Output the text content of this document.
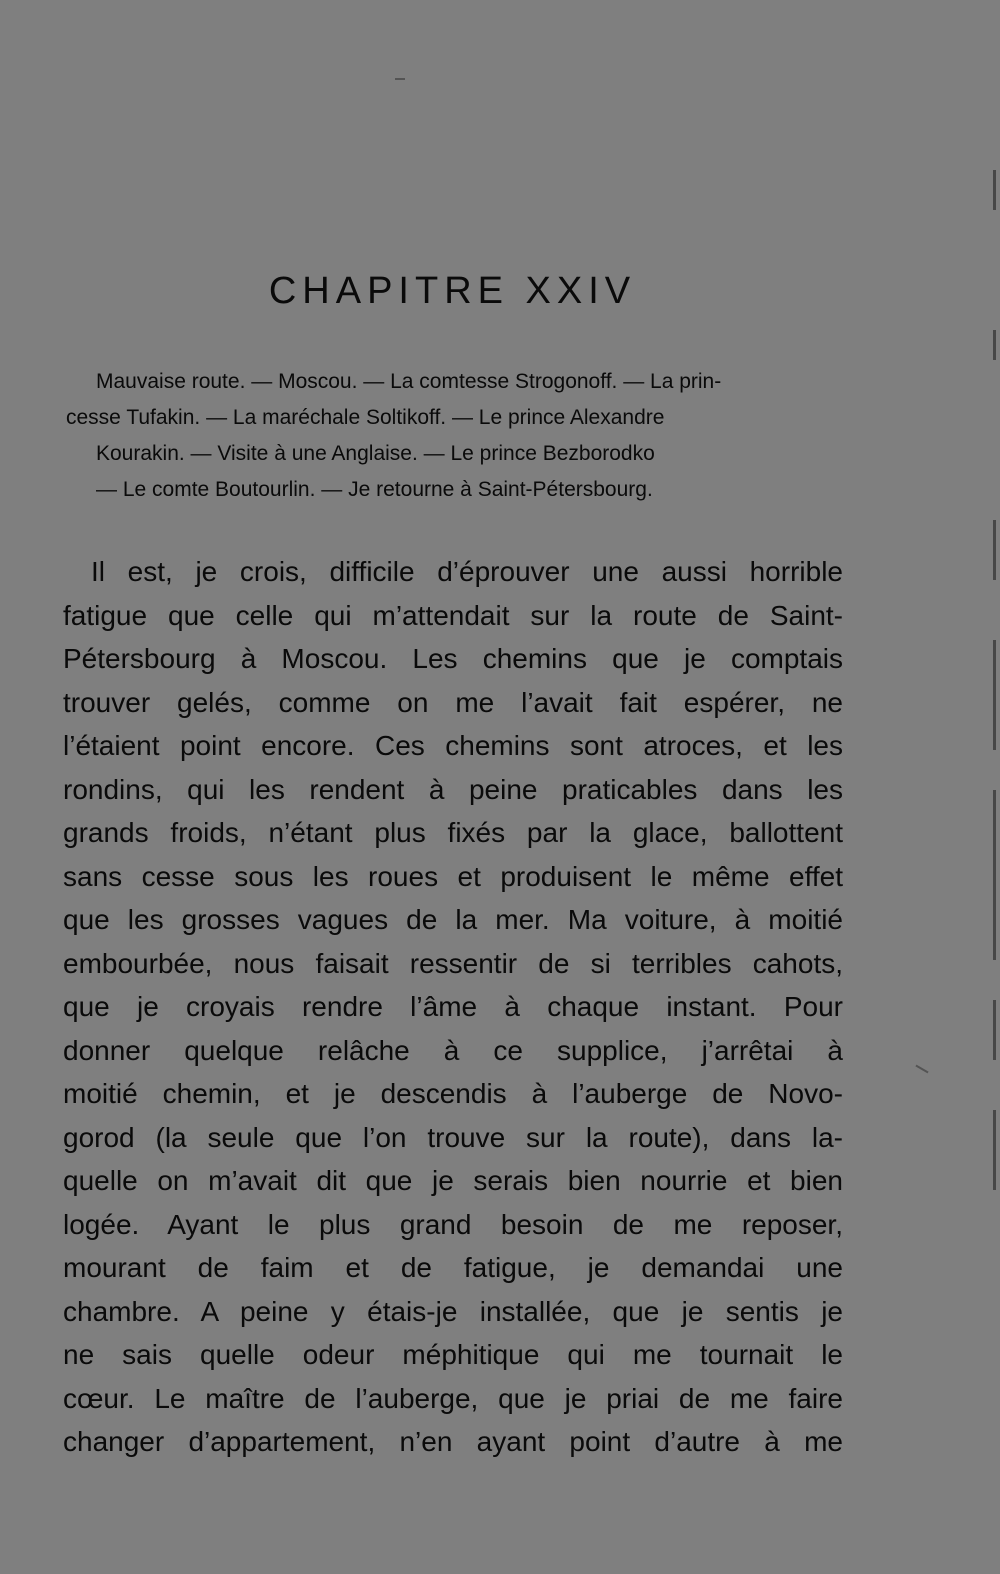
CHAPITRE XXIV
Mauvaise route. — Moscou. — La comtesse Strogonoff. — La prin-
cesse Tufakin. — La maréchale Soltikoff. — Le prince Alexandre
Kourakin. — Visite à une Anglaise. — Le prince Bezborodko
— Le comte Boutourlin. — Je retourne à Saint-Pétersbourg.
Il est, je crois, difficile d’éprouver une aussi horrible
fatigue que celle qui m’attendait sur la route de Saint-
Pétersbourg à Moscou. Les chemins que je comptais
trouver gelés, comme on me l’avait fait espérer, ne
l’étaient point encore. Ces chemins sont atroces, et les
rondins, qui les rendent à peine praticables dans les
grands froids, n’étant plus fixés par la glace, ballottent
sans cesse sous les roues et produisent le même effet
que les grosses vagues de la mer. Ma voiture, à moitié
embourbée, nous faisait ressentir de si terribles cahots,
que je croyais rendre l’âme à chaque instant. Pour
donner quelque relâche à ce supplice, j’arrêtai à
moitié chemin, et je descendis à l’auberge de Novo-
gorod (la seule que l’on trouve sur la route), dans la-
quelle on m’avait dit que je serais bien nourrie et bien
logée. Ayant le plus grand besoin de me reposer,
mourant de faim et de fatigue, je demandai une
chambre. A peine y étais-je installée, que je sentis je
ne sais quelle odeur méphitique qui me tournait le
cœur. Le maître de l’auberge, que je priai de me faire
changer d’appartement, n’en ayant point d’autre à me
